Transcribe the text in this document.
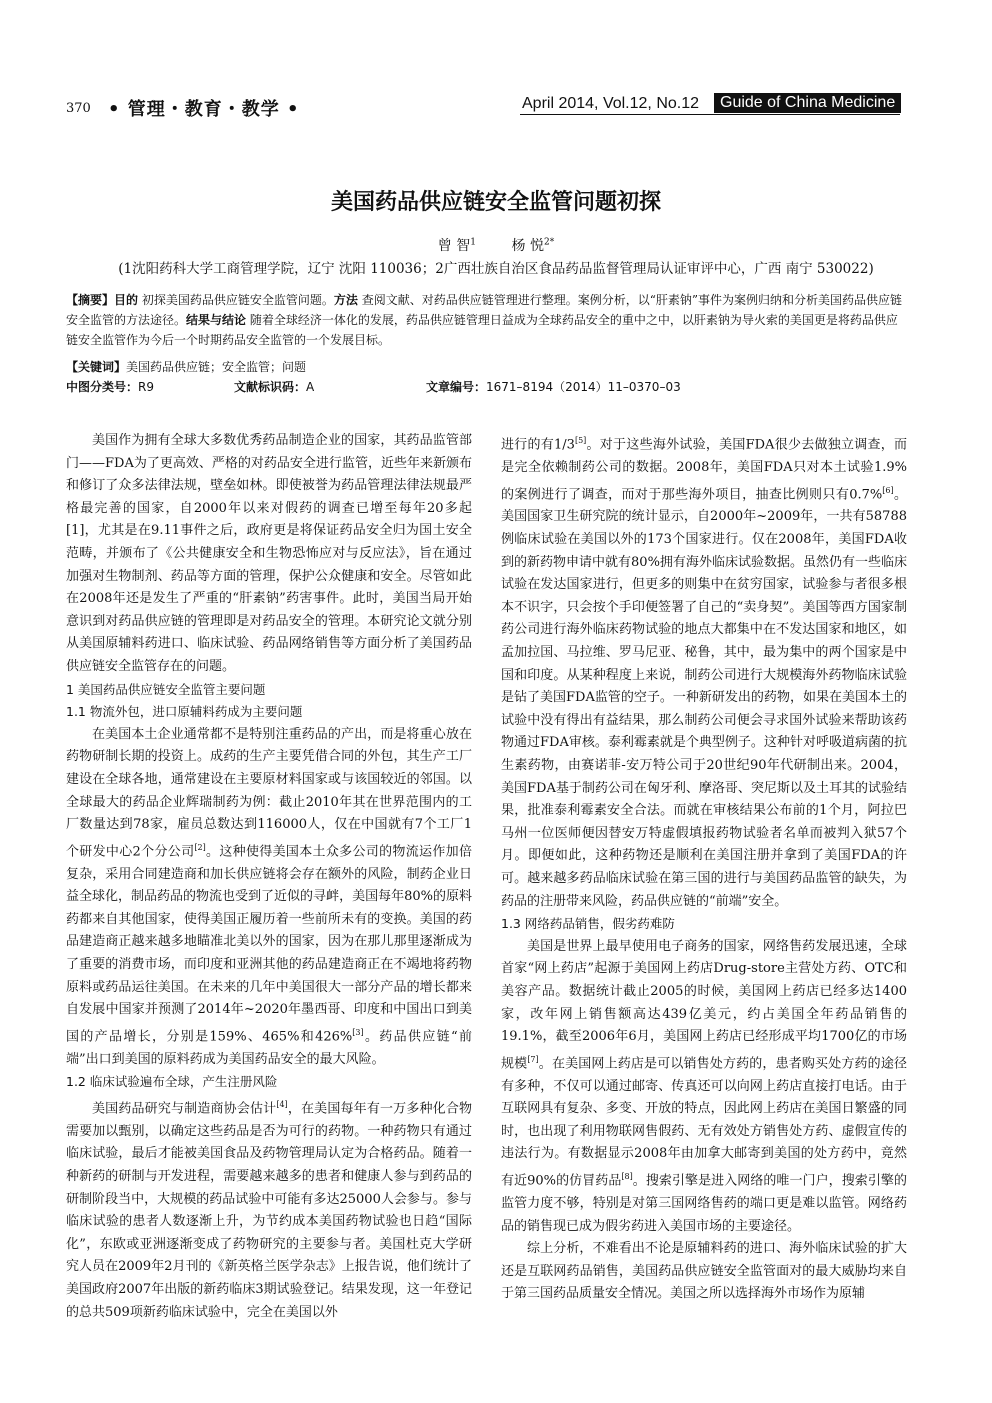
370 • 管理・教育・教学 •	April 2014, Vol.12, No.12	Guide of China Medicine
美国药品供应链安全监管问题初探
曾 智$^1$	杨 悦$^{2*}$
(1沈阳药科大学工商管理学院，辽宁 沈阳 110036；2广西壮族自治区食品药品监督管理局认证审评中心，广西 南宁 530022)
【摘要】目的 初探美国药品供应链安全监管问题。方法 查阅文献、对药品供应链管理进行整理。案例分析，以“肝素钠”事件为案例归纳和分析美国药品供应链安全监管的方法途径。结果与结论 随着全球经济一体化的发展，药品供应链管理日益成为全球药品安全的重中之中，以肝素钠为导火索的美国更是将药品供应链安全监管作为今后一个时期药品安全监管的一个发展目标。
【关键词】美国药品供应链；安全监管；问题
中图分类号：R9	文献标识码：A	文章编号：1671–8194（2014）11–0370–03

美国作为拥有全球大多数优秀药品制造企业的国家，其药品监管部门——FDA为了更高效、严格的对药品安全进行监管，近些年来新颁布和修订了众多法律法规，壁垒如林。即使被誉为药品管理法律法规最严格最完善的国家，自2000年以来对假药的调查已增至每年20多起[1]，尤其是在9.11事件之后，政府更是将保证药品安全归为国土安全范畴，并颁布了《公共健康安全和生物恐怖应对与反应法》，旨在通过加强对生物制剂、药品等方面的管理，保护公众健康和安全。尽管如此在2008年还是发生了严重的“肝素钠”药害事件。此时，美国当局开始意识到对药品供应链的管理即是对药品安全的管理。本研究论文就分别从美国原辅料药进口、临床试验、药品网络销售等方面分析了美国药品供应链安全监管存在的问题。

1 美国药品供应链安全监管主要问题

1.1 物流外包，进口原辅料药成为主要问题

在美国本土企业通常都不是特别注重药品的产出，而是将重心放在药物研制长期的投资上。成药的生产主要凭借合同的外包，其生产工厂建设在全球各地，通常建设在主要原材料国家或与该国较近的邻国。以全球最大的药品企业辉瑞制药为例：截止2010年其在世界范围内的工厂数量达到78家，雇员总数达到116000人，仅在中国就有7个工厂1个研发中心2个分公司[2]。这种使得美国本土众多公司的物流运作加倍复杂，采用合同建造商和加长供应链将会存在额外的风险，制药企业日益全球化，制品药品的物流也受到了近似的寻衅，美国每年80%的原料药都来自其他国家，使得美国正履历着一些前所未有的变换。美国的药品建造商正越来越多地瞄准北美以外的国家，因为在那儿那里逐渐成为了重要的消费市场，而印度和亚洲其他的药品建造商正在不竭地将药物原料或药品运往美国。在未来的几年中美国很大一部分产品的增长都来自发展中国家并预测了2014年~2020年墨西哥、印度和中国出口到美国的产品增长，分别是159%、465%和426%[3]。药品供应链“前端”出口到美国的原料药成为美国药品安全的最大风险。

1.2 临床试验遍布全球，产生注册风险

美国药品研究与制造商协会估计[4]，在美国每年有一万多种化合物需要加以甄别，以确定这些药品是否为可行的药物。一种药物只有通过临床试验，最后才能被美国食品及药物管理局认定为合格药品。随着一种新药的研制与开发进程，需要越来越多的患者和健康人参与到药品的研制阶段当中，大规模的药品试验中可能有多达25000人会参与。参与临床试验的患者人数逐渐上升，为节约成本美国药物试验也日趋“国际化”，东欧或亚洲逐渐变成了药物研究的主要参与者。美国杜克大学研究人员在2009年2月刊的《新英格兰医学杂志》上报告说，他们统计了美国政府2007年出版的新药临床3期试验登记。结果发现，这一年登记的总共509项新药临床试验中，完全在美国以外

进行的有1/3[5]。对于这些海外试验，美国FDA很少去做独立调查，而是完全依赖制药公司的数据。2008年，美国FDA只对本土试验1.9%的案例进行了调查，而对于那些海外项目，抽查比例则只有0.7%[6]。美国国家卫生研究院的统计显示，自2000年~2009年，一共有58788例临床试验在美国以外的173个国家进行。仅在2008年，美国FDA收到的新药物申请中就有80%拥有海外临床试验数据。虽然仍有一些临床试验在发达国家进行，但更多的则集中在贫穷国家，试验参与者很多根本不识字，只会按个手印便签署了自己的“卖身契”。美国等西方国家制药公司进行海外临床药物试验的地点大都集中在不发达国家和地区，如孟加拉国、马拉维、罗马尼亚、秘鲁，其中，最为集中的两个国家是中国和印度。从某种程度上来说，制药公司进行大规模海外药物临床试验是钻了美国FDA监管的空子。一种新研发出的药物，如果在美国本土的试验中没有得出有益结果，那么制药公司便会寻求国外试验来帮助该药物通过FDA审核。泰利霉素就是个典型例子。这种针对呼吸道病菌的抗生素药物，由赛诺菲-安万特公司于20世纪90年代研制出来。2004，美国FDA基于制药公司在匈牙利、摩洛哥、突尼斯以及土耳其的试验结果，批准泰利霉素安全合法。而就在审核结果公布前的1个月，阿拉巴马州一位医师便因替安万特虚假填报药物试验者名单而被判入狱57个月。即便如此，这种药物还是顺利在美国注册并拿到了美国FDA的许可。越来越多药品临床试验在第三国的进行与美国药品监管的缺失，为药品的注册带来风险，药品供应链的“前端”安全。

1.3 网络药品销售，假劣药难防

美国是世界上最早使用电子商务的国家，网络售药发展迅速，全球首家“网上药店”起源于美国网上药店Drug-store主营处方药、OTC和美容产品。数据统计截止2005的时候，美国网上药店已经多达1400家，改年网上销售额高达439亿美元，约占美国全年药品销售的19.1%，截至2006年6月，美国网上药店已经形成平均1700亿的市场规模[7]。在美国网上药店是可以销售处方药的，患者购买处方药的途径有多种，不仅可以通过邮寄、传真还可以向网上药店直接打电话。由于互联网具有复杂、多变、开放的特点，因此网上药店在美国日繁盛的同时，也出现了利用物联网售假药、无有效处方销售处方药、虚假宣传的违法行为。有数据显示2008年由加拿大邮寄到美国的处方药中，竟然有近90%的仿冒药品[8]。搜索引擎是进入网络的唯一门户，搜索引擎的监管力度不够，特别是对第三国网络售药的端口更是难以监管。网络药品的销售现已成为假劣药进入美国市场的主要途径。

综上分析，不难看出不论是原辅料药的进口、海外临床试验的扩大还是互联网药品销售，美国药品供应链安全监管面对的最大威胁均来自于第三国药品质量安全情况。美国之所以选择海外市场作为原辅
